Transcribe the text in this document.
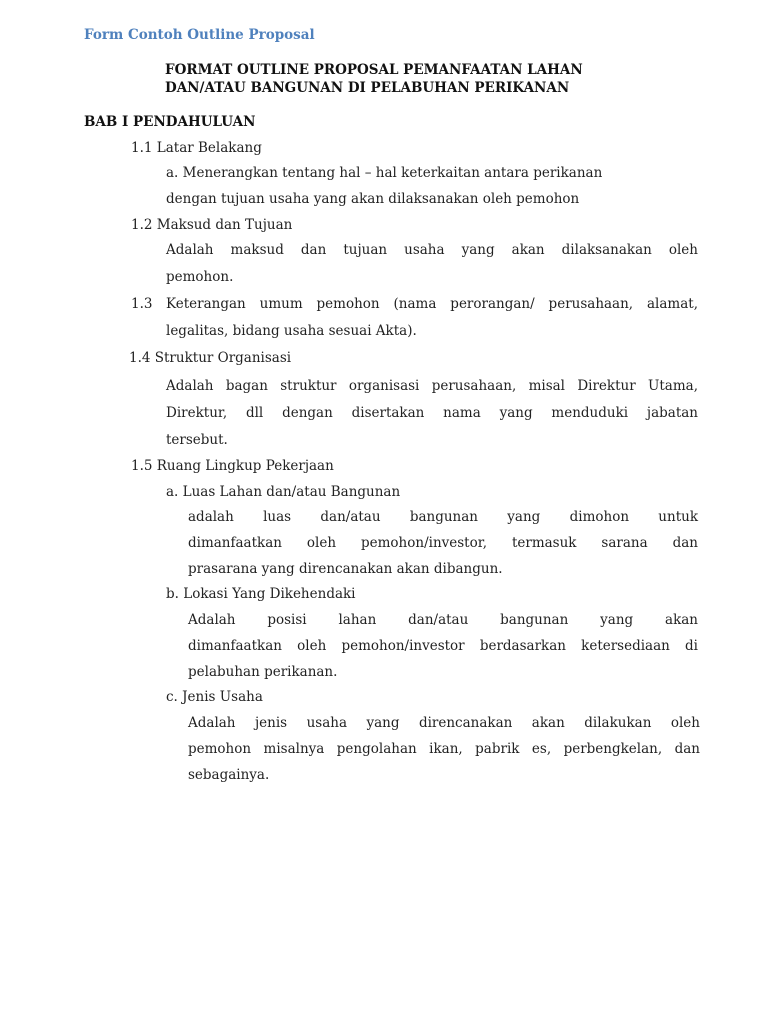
Form Contoh Outline Proposal
FORMAT OUTLINE PROPOSAL PEMANFAATAN LAHAN
DAN/ATAU BANGUNAN DI PELABUHAN PERIKANAN
BAB I PENDAHULUAN
1.1 Latar Belakang
a. Menerangkan tentang hal – hal keterkaitan antara perikanan
dengan tujuan usaha yang akan dilaksanakan oleh pemohon
1.2 Maksud dan Tujuan
Adalah maksud dan tujuan usaha yang akan dilaksanakan oleh
pemohon.
1.3 Keterangan umum pemohon (nama perorangan/ perusahaan, alamat,
legalitas, bidang usaha sesuai Akta).
1.4 Struktur Organisasi
Adalah bagan struktur organisasi perusahaan, misal Direktur Utama,
Direktur, dll dengan disertakan nama yang menduduki jabatan
tersebut.
1.5 Ruang Lingkup Pekerjaan
a. Luas Lahan dan/atau Bangunan
adalah luas dan/atau bangunan yang dimohon untuk
dimanfaatkan oleh pemohon/investor, termasuk sarana dan
prasarana yang direncanakan akan dibangun.
b. Lokasi Yang Dikehendaki
Adalah posisi lahan dan/atau bangunan yang akan
dimanfaatkan oleh pemohon/investor berdasarkan ketersediaan di
pelabuhan perikanan.
c. Jenis Usaha
Adalah jenis usaha yang direncanakan akan dilakukan oleh
pemohon misalnya pengolahan ikan, pabrik es, perbengkelan, dan
sebagainya.
